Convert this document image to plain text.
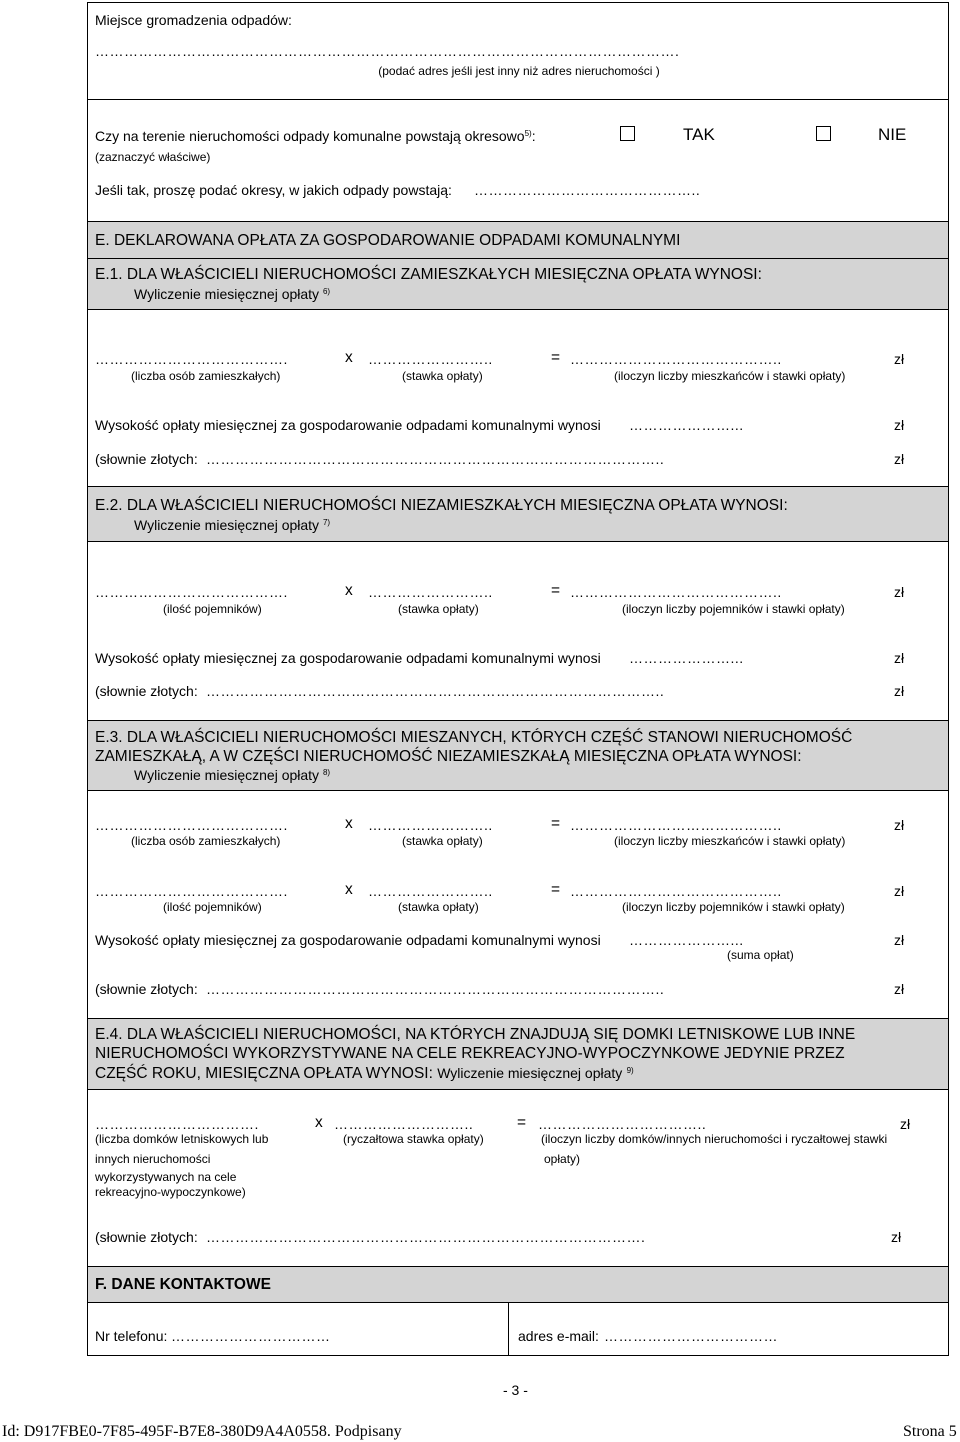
Miejsce gromadzenia odpadów:
………………………………………………………………………………………………………….
(podać adres jeśli jest inny niż adres nieruchomości )
Czy na terenie nieruchomości odpady komunalne powstają okresowo$^{5)}$:
(zaznaczyć właściwe)
TAK	NIE
Jeśli tak, proszę podać okresy, w jakich odpady powstają: ………………………………………..
E. DEKLAROWANA OPŁATA ZA GOSPODAROWANIE ODPADAMI KOMUNALNYMI
E.1. DLA WŁAŚCICIELI NIERUCHOMOŚCI ZAMIESZKAŁYCH MIESIĘCZNA OPŁATA WYNOSI:
Wyliczenie miesięcznej opłaty $^{6)}$
………………………………….	x ……………………..	= ……………………………………..	zł
(liczba osób zamieszkałych)	(stawka opłaty)	(iloczyn liczby mieszkańców i stawki opłaty)
Wysokość opłaty miesięcznej za gospodarowanie odpadami komunalnymi wynosi …………………...	zł
(słownie złotych: …………………………………………………………………………………..	zł
E.2. DLA WŁAŚCICIELI NIERUCHOMOŚCI NIEZAMIESZKAŁYCH MIESIĘCZNA OPŁATA WYNOSI:
Wyliczenie miesięcznej opłaty $^{7)}$
………………………………….	x ……………………..	= ……………………………………..	zł
(ilość pojemników)	(stawka opłaty)	(iloczyn liczby pojemników i stawki opłaty)
Wysokość opłaty miesięcznej za gospodarowanie odpadami komunalnymi wynosi …………………...	zł
(słownie złotych: …………………………………………………………………………………..	zł
E.3. DLA WŁAŚCICIELI NIERUCHOMOŚCI MIESZANYCH, KTÓRYCH CZĘŚĆ STANOWI NIERUCHOMOŚĆ
ZAMIESZKAŁĄ, A W CZĘŚCI NIERUCHOMOŚĆ NIEZAMIESZKAŁĄ MIESIĘCZNA OPŁATA WYNOSI:
Wyliczenie miesięcznej opłaty $^{8)}$
………………………………….	x ……………………..	= ……………………………………..	zł
(liczba osób zamieszkałych)	(stawka opłaty)	(iloczyn liczby mieszkańców i stawki opłaty)
………………………………….	x ……………………..	= ……………………………………..	zł
(ilość pojemników)	(stawka opłaty)	(iloczyn liczby pojemników i stawki opłaty)
Wysokość opłaty miesięcznej za gospodarowanie odpadami komunalnymi wynosi …………………...	zł
(suma opłat)
(słownie złotych: …………………………………………………………………………………..	zł
E.4. DLA WŁAŚCICIELI NIERUCHOMOŚCI, NA KTÓRYCH ZNAJDUJĄ SIĘ DOMKI LETNISKOWE LUB INNE
NIERUCHOMOŚCI WYKORZYSTYWANE NA CELE REKREACYJNO-WYPOCZYNKOWE JEDYNIE PRZEZ
CZĘŚĆ ROKU, MIESIĘCZNA OPŁATA WYNOSI: Wyliczenie miesięcznej opłaty $^{9)}$
…………………………….	x ………………………..	= ……………………………..	zł
(liczba domków letniskowych lub
innych nieruchomości
wykorzystywanych na cele
rekreacyjno-wypoczynkowe)
(ryczałtowa stawka opłaty)	(iloczyn liczby domków/innych nieruchomości i ryczałtowej stawki
opłaty)
(słownie złotych: ……………………………………………………………………………….	zł
F. DANE KONTAKTOWE
Nr telefonu: ……………………………	adres e-mail: ………………………………
- 3 -
Id: D917FBE0-7F85-495F-B7E8-380D9A4A0558. Podpisany	Strona 5
